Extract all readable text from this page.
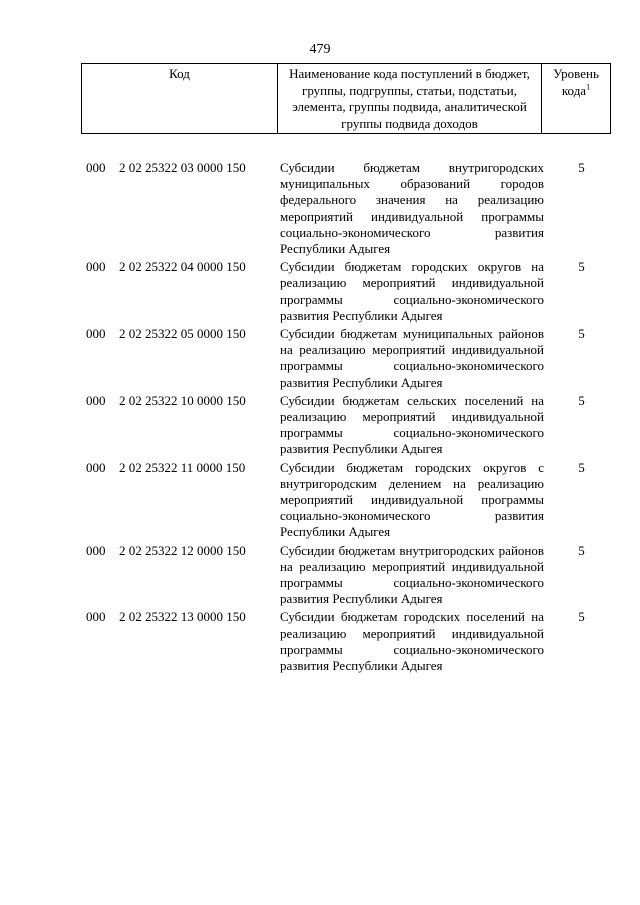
479
Код	Наименование кода поступлений в бюджет, группы, подгруппы, статьи, подстатьи, элемента, группы подвида, аналитической группы подвида доходов	Уровень кода$^1$
000	2 02 25322 03 0000 150	Субсидии бюджетам внутригородских муниципальных образований городов федерального значения на реализацию мероприятий индивидуальной программы социально-экономического развития Республики Адыгея	5
000	2 02 25322 04 0000 150	Субсидии бюджетам городских округов на реализацию мероприятий индивидуальной программы социально-экономического развития Республики Адыгея	5
000	2 02 25322 05 0000 150	Субсидии бюджетам муниципальных районов на реализацию мероприятий индивидуальной программы социально-экономического развития Республики Адыгея	5
000	2 02 25322 10 0000 150	Субсидии бюджетам сельских поселений на реализацию мероприятий индивидуальной программы социально-экономического развития Республики Адыгея	5
000	2 02 25322 11 0000 150	Субсидии бюджетам городских округов с внутригородским делением на реализацию мероприятий индивидуальной программы социально-экономического развития Республики Адыгея	5
000	2 02 25322 12 0000 150	Субсидии бюджетам внутригородских районов на реализацию мероприятий индивидуальной программы социально-экономического развития Республики Адыгея	5
000	2 02 25322 13 0000 150	Субсидии бюджетам городских поселений на реализацию мероприятий индивидуальной программы социально-экономического развития Республики Адыгея	5
